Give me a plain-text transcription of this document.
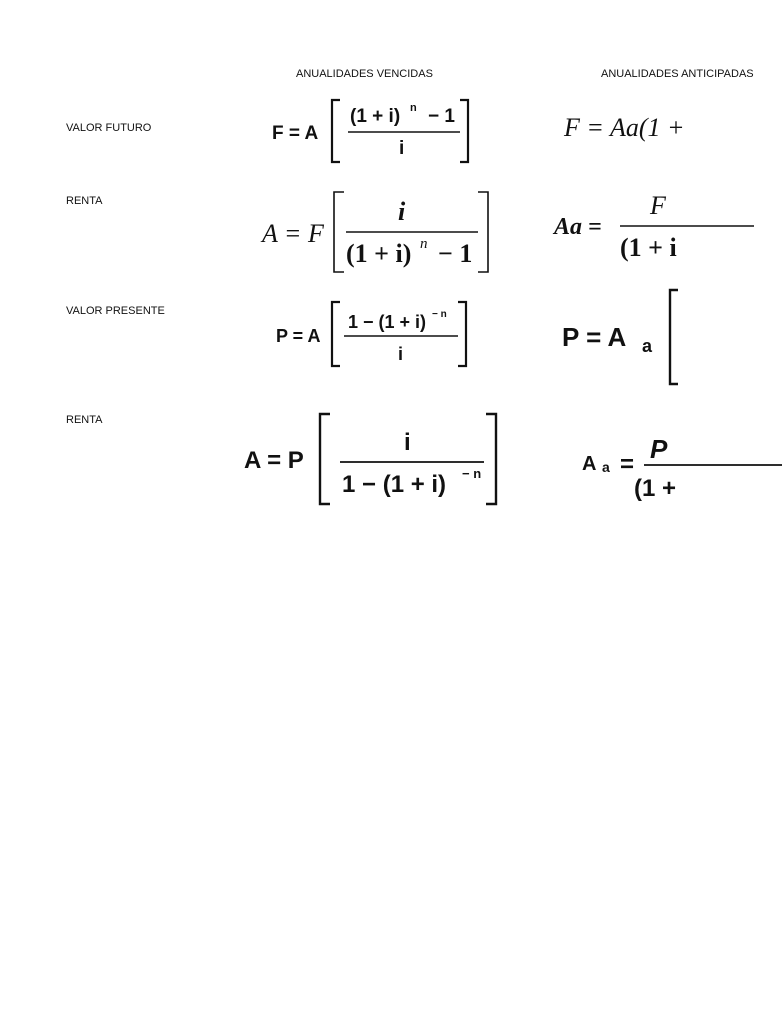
ANUALIDADES VENCIDAS
VALOR FUTURO
RENTA
VALOR PRESENTE
RENTA
F = A
(1 + i) n − 1
i
A = F
i
(1 + i) n − 1
P = A
1 − (1 + i) − n
i
A = P
i
1 − (1 + i) − n
ANUALIDADES ANTICIPADAS
F = Aa(1 +
Aa =
F
(1 + i
P = A a
A a =
P
(1 +
